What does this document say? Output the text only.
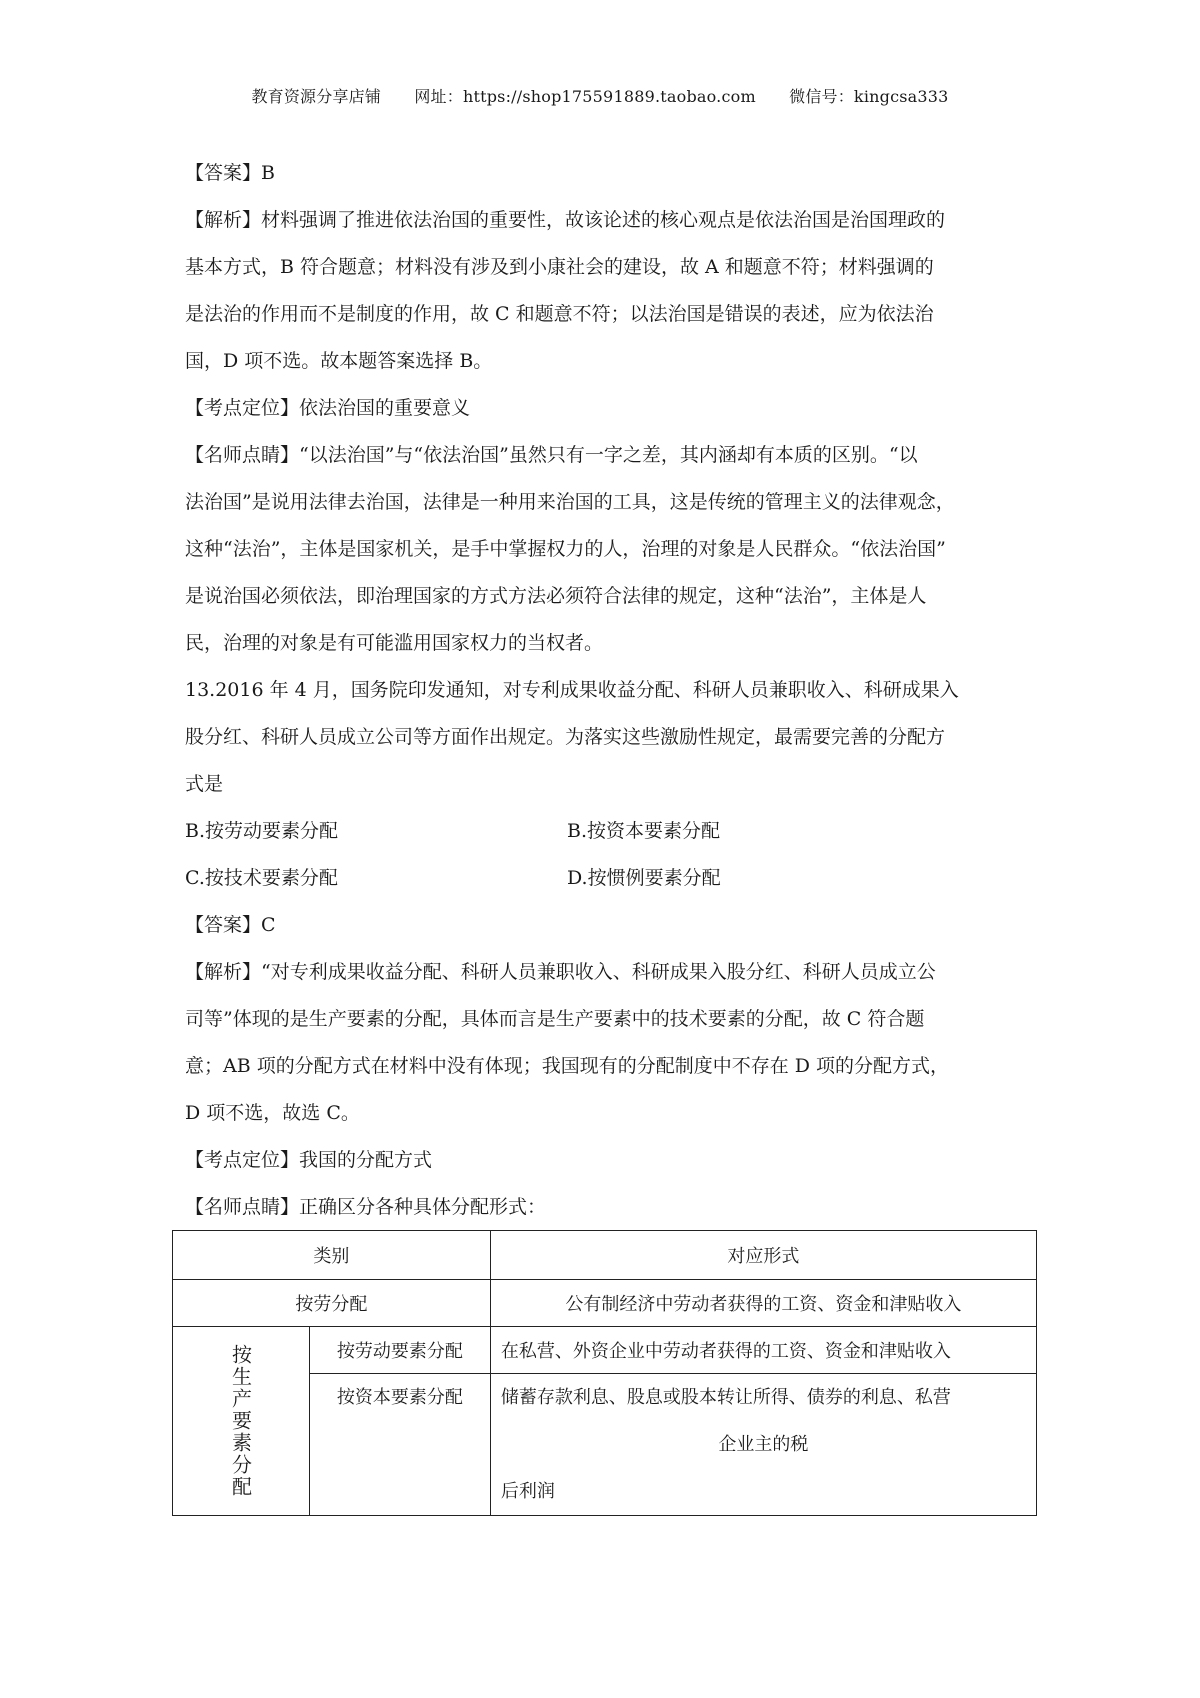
教育资源分享店铺 网址：https://shop175591889.taobao.com 微信号：kingcsa333

【答案】B

【解析】材料强调了推进依法治国的重要性，故该论述的核心观点是依法治国是治国理政的

基本方式，B 符合题意；材料没有涉及到小康社会的建设，故 A 和题意不符；材料强调的

是法治的作用而不是制度的作用，故 C 和题意不符；以法治国是错误的表述，应为依法治

国，D 项不选。故本题答案选择 B。

【考点定位】依法治国的重要意义

【名师点睛】“以法治国”与“依法治国”虽然只有一字之差，其内涵却有本质的区别。“以

法治国”是说用法律去治国，法律是一种用来治国的工具，这是传统的管理主义的法律观念，

这种“法治”，主体是国家机关，是手中掌握权力的人，治理的对象是人民群众。“依法治国”

是说治国必须依法，即治理国家的方式方法必须符合法律的规定，这种“法治”，主体是人

民，治理的对象是有可能滥用国家权力的当权者。

13.2016 年 4 月，国务院印发通知，对专利成果收益分配、科研人员兼职收入、科研成果入

股分红、科研人员成立公司等方面作出规定。为落实这些激励性规定，最需要完善的分配方

式是

B.按劳动要素分配	B.按资本要素分配
C.按技术要素分配	D.按惯例要素分配

【答案】C

【解析】“对专利成果收益分配、科研人员兼职收入、科研成果入股分红、科研人员成立公

司等”体现的是生产要素的分配，具体而言是生产要素中的技术要素的分配，故 C 符合题

意；AB 项的分配方式在材料中没有体现；我国现有的分配制度中不存在 D 项的分配方式，

D 项不选，故选 C。

【考点定位】我国的分配方式

【名师点睛】正确区分各种具体分配形式：

类别		对应形式
按劳分配		公有制经济中劳动者获得的工资、资金和津贴收入

按生产要素分配	按劳动要素分配	在私营、外资企业中劳动者获得的工资、资金和津贴收入
	按资本要素分配	储蓄存款利息、股息或股本转让所得、债券的利息、私营
企业主的税
后利润
